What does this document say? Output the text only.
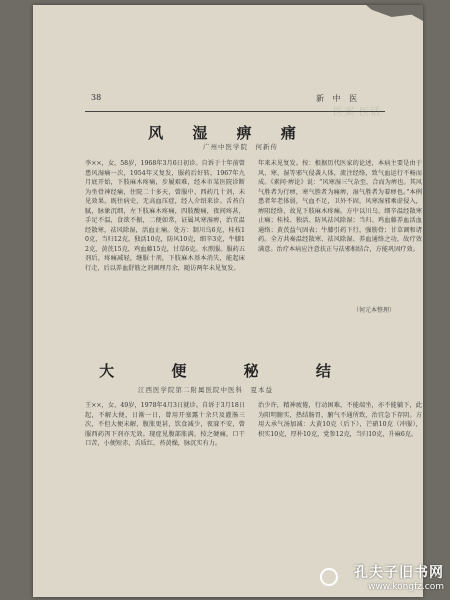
38	新 中 医
医案·医话
风 湿 痹 痛
广州中医学院　何新传
李××，女，58岁，1968年3月6日初诊。自诉于十年前曾患风湿痛一次，1954年又复发，服药后好转，1967年九月底开始，下肢麻木疼痛，步履艰难，经本市某医院诊断为坐骨神经痛，住院二十多天，曾服中、西药几十剂，未见效果。既往病史，无高血压症，经人介绍来诊。舌苔白腻，脉象沉细，左下肢麻木疼痛，四肢酸痛，夜间疼甚，手足不温，食欲不振，二便如常，证属风寒湿痹，治宜温经散寒，祛风除湿，活血止痛。处方：制川乌6克，桂枝10克，当归12克，独活10克，防风10克，细辛3克，牛膝12克，黄芪15克，鸡血藤15克，甘草6克。水煎服。服药五剂后，疼痛减轻，继服十剂，下肢麻木基本消失，能起床行走，后以养血舒筋之剂调理月余，随访两年未见复发。
年来未见复发。按：根据历代医家的论述，本病主要是由于风、寒、湿等邪气侵袭人体，流注经络，致气血运行不畅而成。《素问·痹论》说：“风寒湿三气杂至，合而为痹也。其风气胜者为行痹，寒气胜者为痛痹，湿气胜者为着痹也。”本例患者年老体弱，气血不足，卫外不固，风寒湿邪乘虚侵入，痹阻经络，故见下肢麻木疼痛。方中以川乌、细辛温经散寒止痛；桂枝、独活、防风祛风除湿；当归、鸡血藤养血活血通络；黄芪益气固表；牛膝引药下行，强筋骨；甘草调和诸药。全方共奏温经散寒、祛风除湿、养血通络之功，故疗效满意。治疗本病应注意扶正与祛邪相结合，方能巩固疗效。
（何元本整理）
大 便 秘 结
江西医学院第二附属医院中医科　夏本益
王××，女，49岁，1978年4月3日就诊。自诉于3月18日起，不解大便，日渐一日，曾用开塞露十余只及灌肠三次，不但大便未解，腹胀更甚，饮食减少，夜寐不安，曾服西药泻下剂亦无效。现症见腹部胀满，按之硬痛，口干口苦，小便短赤，舌质红，苔黄燥，脉沉实有力。
治少许，精神疲倦，行动困难，不能端坐，亦不能躺下，此为阳明腑实，热结肠胃，腑气不通所致，治宜急下存阴。方用大承气汤加减：大黄10克（后下），芒硝10克（冲服），枳实10克，厚朴10克，党参12克，当归10克，升麻6克。
孔夫子旧书网
www.kongfz.com
